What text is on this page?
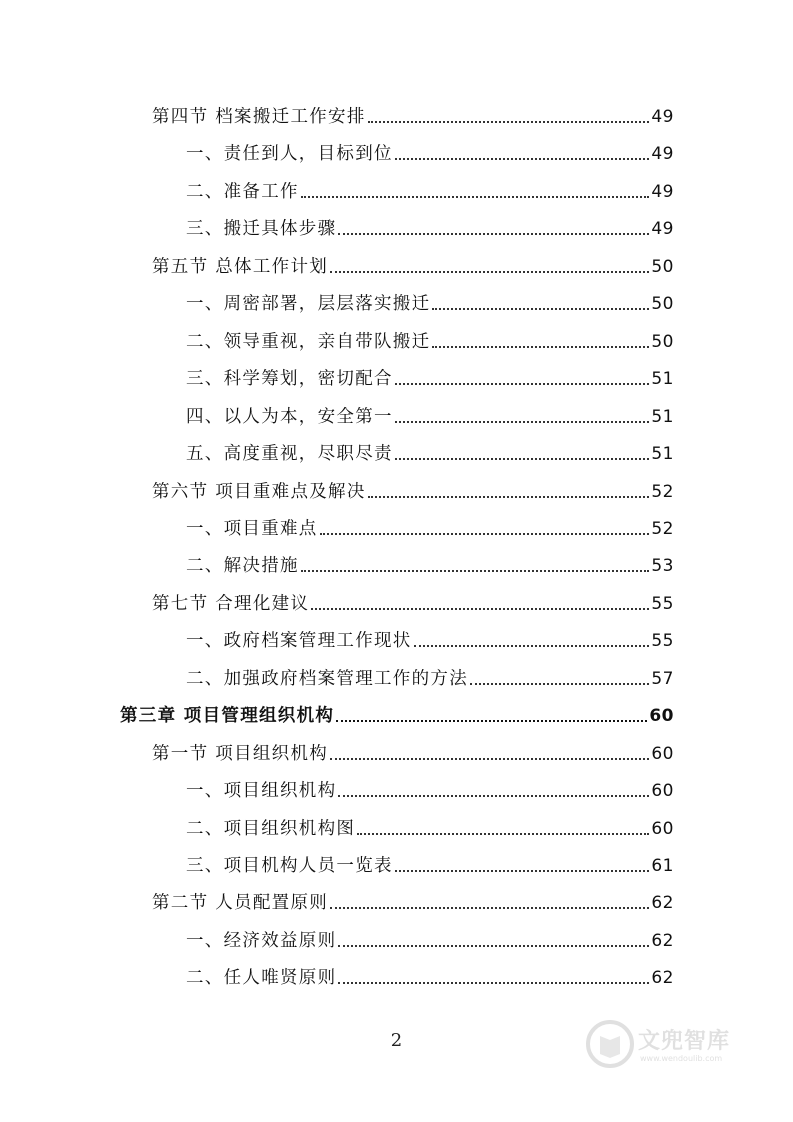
第四节 档案搬迁工作安排	49
一、责任到人，目标到位	49
二、准备工作	49
三、搬迁具体步骤	49
第五节 总体工作计划	50
一、周密部署，层层落实搬迁	50
二、领导重视，亲自带队搬迁	50
三、科学筹划，密切配合	51
四、以人为本，安全第一	51
五、高度重视，尽职尽责	51
第六节 项目重难点及解决	52
一、项目重难点	52
二、解决措施	53
第七节 合理化建议	55
一、政府档案管理工作现状	55
二、加强政府档案管理工作的方法	57
第三章 项目管理组织机构	60
第一节 项目组织机构	60
一、项目组织机构	60
二、项目组织机构图	60
三、项目机构人员一览表	61
第二节 人员配置原则	62
一、经济效益原则	62
二、任人唯贤原则	62
2	文兜智库
www.wendoulib.com
